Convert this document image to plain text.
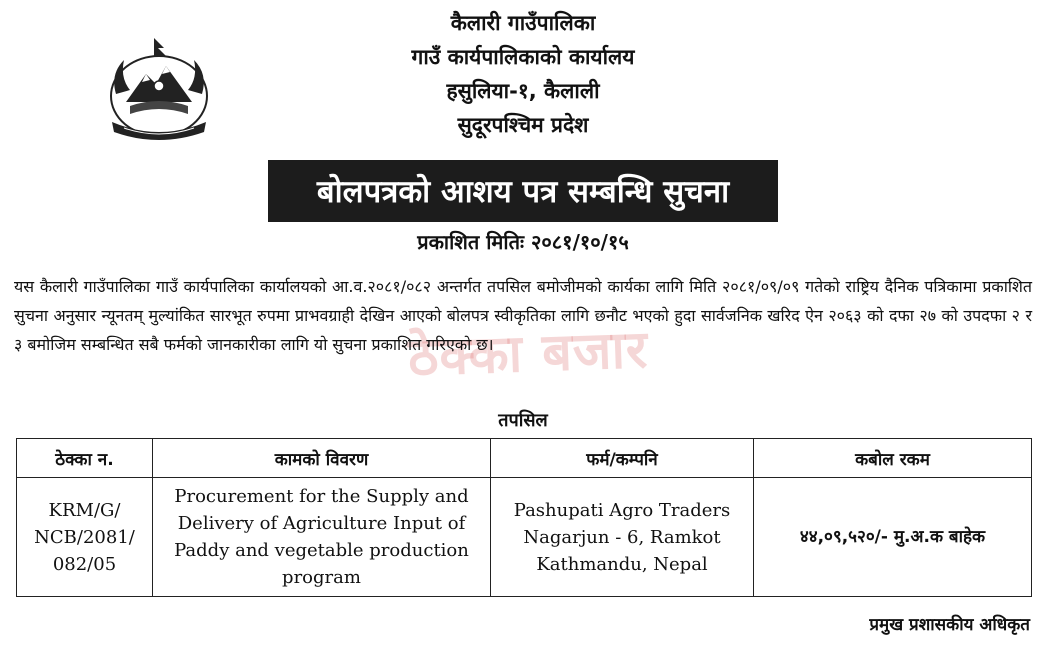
कैलारी गाउँपालिका
गाउँ कार्यपालिकाको कार्यालय
हसुलिया-१, कैलाली
सुदूरपश्चिम प्रदेश
बोलपत्रको आशय पत्र सम्बन्धि सुचना
प्रकाशित मितिः २०८१/१०/१५
ठेक्का बजार
यस कैलारी गाउँपालिका गाउँ कार्यपालिका कार्यालयको आ.व.२०८१/०८२ अन्तर्गत तपसिल बमोजीमको कार्यका लागि मिति २०८१/०९/०९ गतेको राष्ट्रिय दैनिक पत्रिकामा प्रकाशित सुचना अनुसार न्यूनतम् मुल्यांकित सारभूत रुपमा प्राभवग्राही देखिन आएको बोलपत्र स्वीकृतिका लागि छनौट भएको हुदा सार्वजनिक खरिद ऐन २०६३ को दफा २७ को उपदफा २ र ३ बमोजिम सम्बन्धित सबै फर्मको जानकारीका लागि यो सुचना प्रकाशित गरिएको छ।
तपसिल
ठेक्का न.	कामको विवरण	फर्म/कम्पनि	कबोल रकम
KRM/G/ NCB/2081/ 082/05	Procurement for the Supply and Delivery of Agriculture Input of Paddy and vegetable production program	Pashupati Agro Traders Nagarjun - 6, Ramkot Kathmandu, Nepal	४४,०९,५२०/- मु.अ.क बाहेक
प्रमुख प्रशासकीय अधिकृत
